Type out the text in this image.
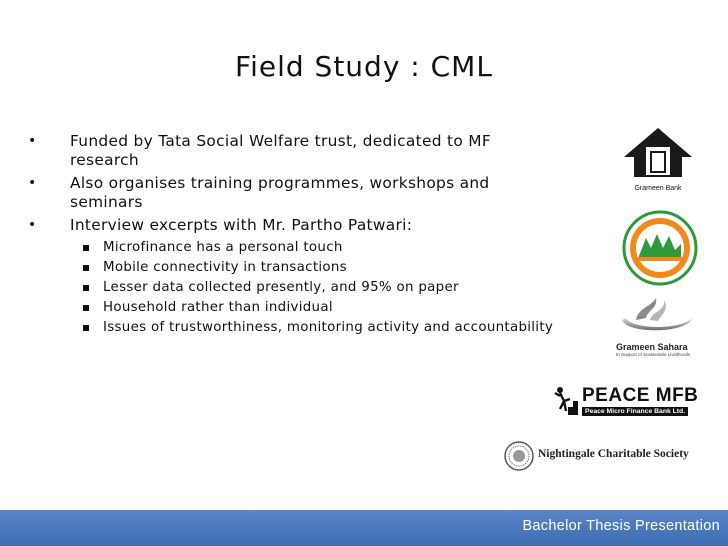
Field Study : CML
• Funded by Tata Social Welfare trust, dedicated to MF research
• Also organises training programmes, workshops and seminars
• Interview excerpts with Mr. Partho Patwari:
Microfinance has a personal touch
Mobile connectivity in transactions
Lesser data collected presently, and 95% on paper
Household rather than individual
Issues of trustworthiness, monitoring activity and accountability
Grameen Bank
Grameen Sahara
In Support of Sustainable Livelihoods
PEACE MFB
Peace Micro Finance Bank Ltd.
Nightingale Charitable Society
Bachelor Thesis Presentation
